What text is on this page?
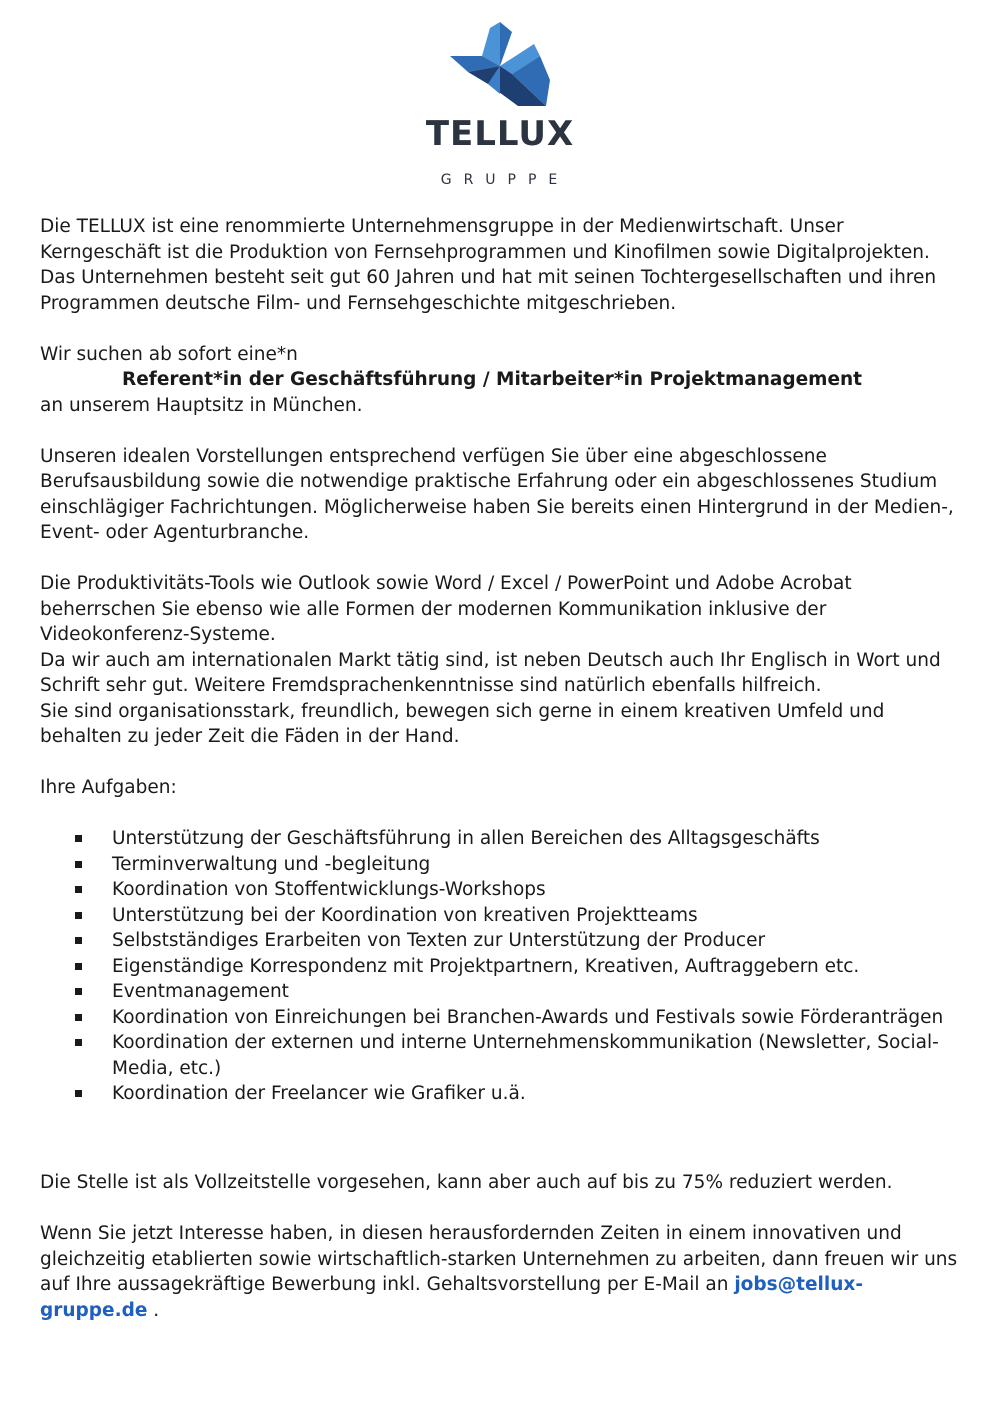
TELLUX
GRUPPE

Die TELLUX ist eine renommierte Unternehmensgruppe in der Medienwirtschaft. Unser Kerngeschäft ist die Produktion von Fernsehprogrammen und Kinofilmen sowie Digitalprojekten.

Das Unternehmen besteht seit gut 60 Jahren und hat mit seinen Tochtergesellschaften und ihren Programmen deutsche Film- und Fernsehgeschichte mitgeschrieben.

Wir suchen ab sofort eine*n

Referent*in der Geschäftsführung / Mitarbeiter*in Projektmanagement

an unserem Hauptsitz in München.

Unseren idealen Vorstellungen entsprechend verfügen Sie über eine abgeschlossene Berufsausbildung sowie die notwendige praktische Erfahrung oder ein abgeschlossenes Studium einschlägiger Fachrichtungen. Möglicherweise haben Sie bereits einen Hintergrund in der Medien-, Event- oder Agenturbranche.

Die Produktivitäts-Tools wie Outlook sowie Word / Excel / PowerPoint und Adobe Acrobat beherrschen Sie ebenso wie alle Formen der modernen Kommunikation inklusive der Videokonferenz-Systeme.

Da wir auch am internationalen Markt tätig sind, ist neben Deutsch auch Ihr Englisch in Wort und Schrift sehr gut. Weitere Fremdsprachenkenntnisse sind natürlich ebenfalls hilfreich.

Sie sind organisationsstark, freundlich, bewegen sich gerne in einem kreativen Umfeld und behalten zu jeder Zeit die Fäden in der Hand.

Ihre Aufgaben:

Unterstützung der Geschäftsführung in allen Bereichen des Alltagsgeschäfts
Terminverwaltung und -begleitung
Koordination von Stoffentwicklungs-Workshops
Unterstützung bei der Koordination von kreativen Projektteams
Selbstständiges Erarbeiten von Texten zur Unterstützung der Producer
Eigenständige Korrespondenz mit Projektpartnern, Kreativen, Auftraggebern etc.
Eventmanagement
Koordination von Einreichungen bei Branchen-Awards und Festivals sowie Förderanträgen
Koordination der externen und interne Unternehmenskommunikation (Newsletter, Social-Media, etc.)
Koordination der Freelancer wie Grafiker u.ä.

Die Stelle ist als Vollzeitstelle vorgesehen, kann aber auch auf bis zu 75% reduziert werden.

Wenn Sie jetzt Interesse haben, in diesen herausfordernden Zeiten in einem innovativen und gleichzeitig etablierten sowie wirtschaftlich-starken Unternehmen zu arbeiten, dann freuen wir uns auf Ihre aussagekräftige Bewerbung inkl. Gehaltsvorstellung per E-Mail an jobs@tellux-gruppe.de .
